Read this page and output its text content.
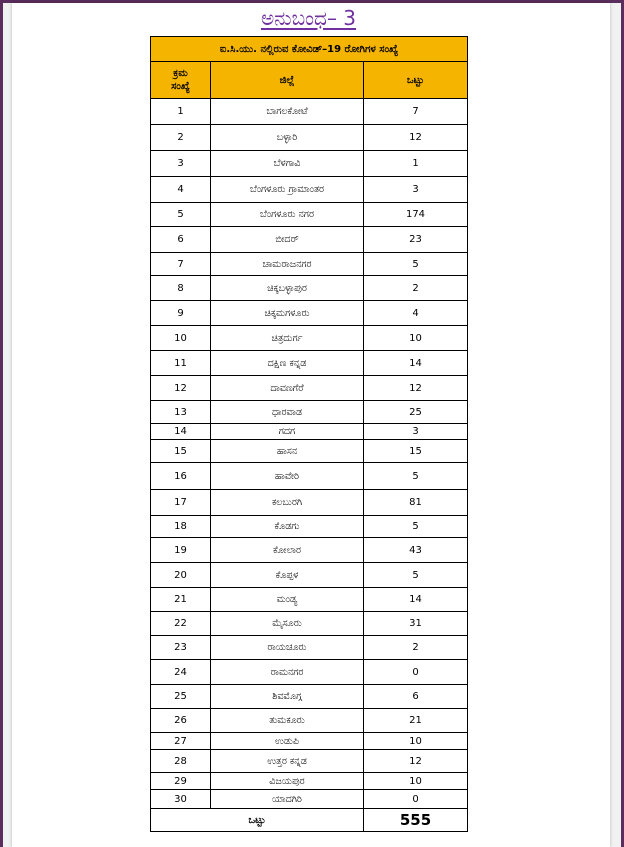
ಅನುಬಂಧ– 3
ಐ.ಸಿ.ಯು. ನಲ್ಲಿರುವ ಕೋವಿಡ್–19 ರೋಗಿಗಳ ಸಂಖ್ಯೆ		
ಕ್ರಮ
ಸಂಖ್ಯೆ	ಜಿಲ್ಲೆ	ಒಟ್ಟು
1	ಬಾಗಲಕೋಟೆ	7
2	ಬಳ್ಳಾರಿ	12
3	ಬೆಳಗಾವಿ	1
4	ಬೆಂಗಳೂರು ಗ್ರಾಮಾಂತರ	3
5	ಬೆಂಗಳೂರು ನಗರ	174
6	ಬೀದರ್	23
7	ಚಾಮರಾಜನಗರ	5
8	ಚಿಕ್ಕಬಳ್ಳಾಪುರ	2
9	ಚಿಕ್ಕಮಗಳೂರು	4
10	ಚಿತ್ರದುರ್ಗ	10
11	ದಕ್ಷಿಣ ಕನ್ನಡ	14
12	ದಾವಣಗೆರೆ	12
13	ಧಾರವಾಡ	25
14	ಗದಗ	3
15	ಹಾಸನ	15
16	ಹಾವೇರಿ	5
17	ಕಲಬುರಗಿ	81
18	ಕೊಡಗು	5
19	ಕೋಲಾರ	43
20	ಕೊಪ್ಪಳ	5
21	ಮಂಡ್ಯ	14
22	ಮೈಸೂರು	31
23	ರಾಯಚೂರು	2
24	ರಾಮನಗರ	0
25	ಶಿವಮೊಗ್ಗ	6
26	ತುಮಕೂರು	21
27	ಉಡುಪಿ	10
28	ಉತ್ತರ ಕನ್ನಡ	12
29	ವಿಜಯಪುರ	10
30	ಯಾದಗಿರಿ	0
ಒಟ್ಟು		555
